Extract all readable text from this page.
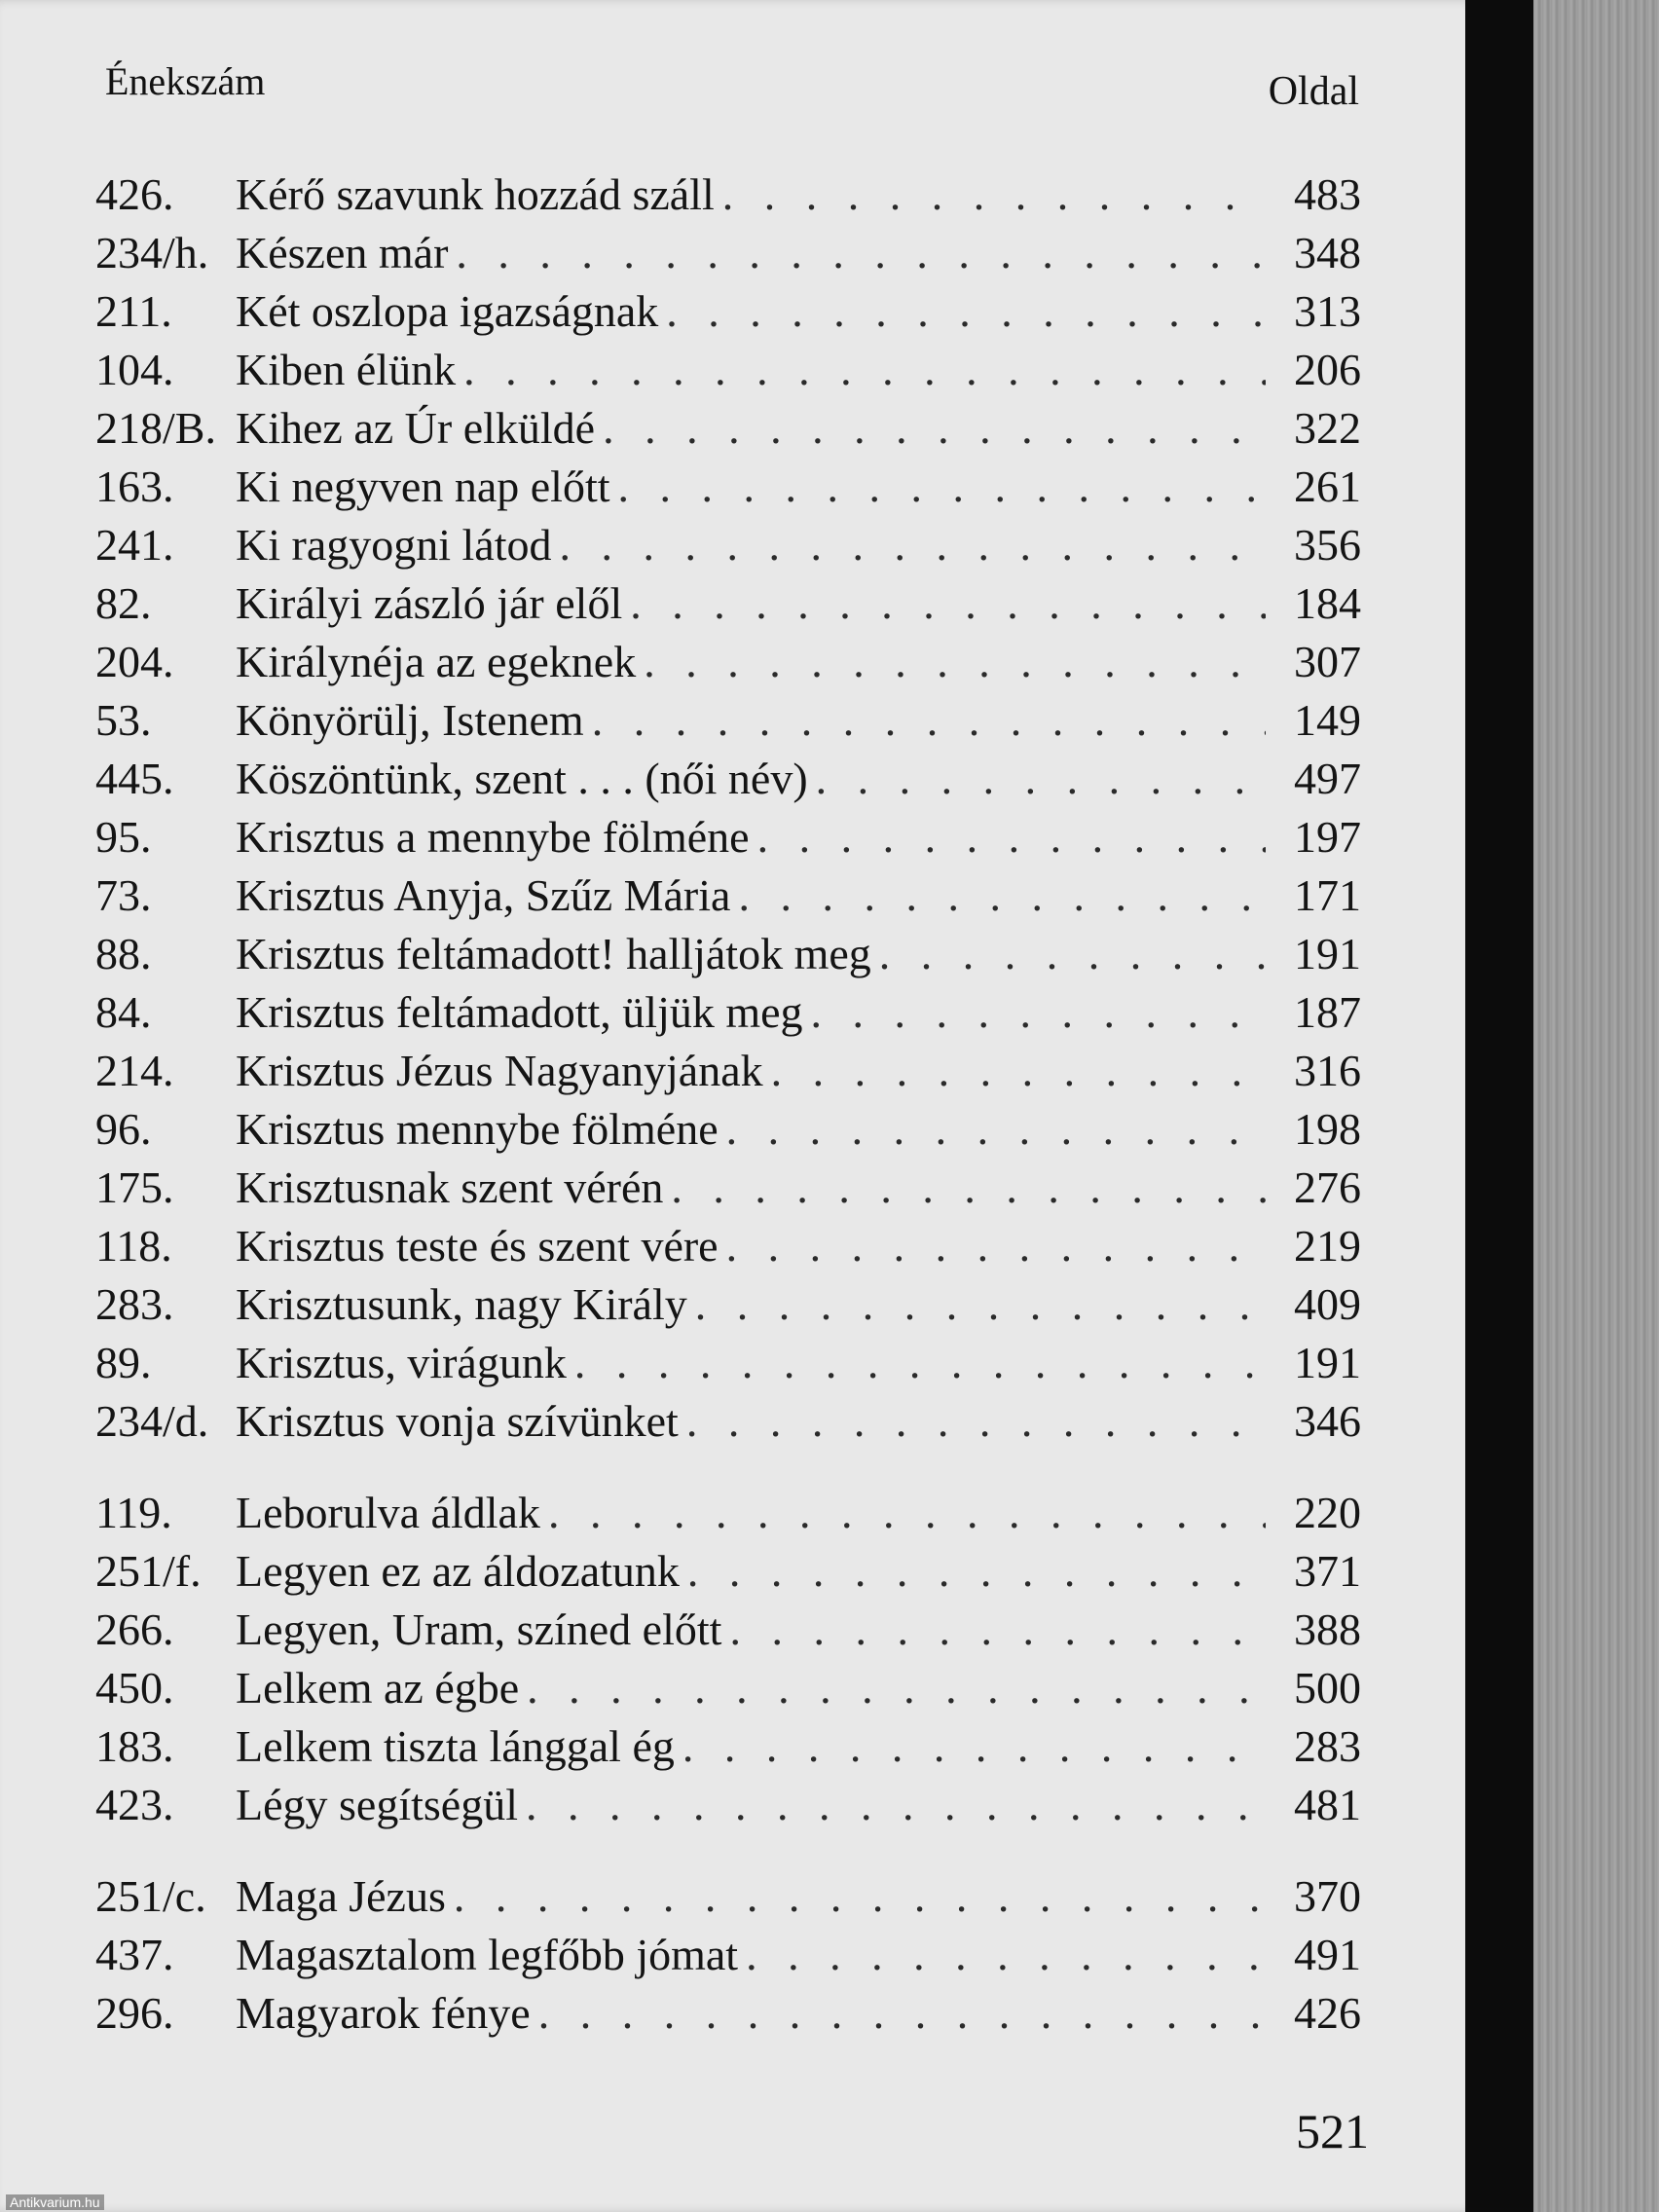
Énekszám	Oldal
426.	Kérő szavunk hozzád száll . . .	483
234/h. Készen már . . .	348
211.	Két oszlopa igazságnak . . .	313
104.	Kiben élünk . . .	206
218/B. Kihez az Úr elküldé . . .	322
163.	Ki negyven nap előtt . . .	261
241.	Ki ragyogni látod . . .	356
82.	Királyi zászló jár elől . . .	184
204.	Királynéja az egeknek . . .	307
53.	Könyörülj, Istenem . . .	149
445.	Köszöntünk, szent . . . (női név) . . .	497
95.	Krisztus a mennybe fölméne . . .	197
73.	Krisztus Anyja, Szűz Mária . . .	171
88.	Krisztus feltámadott! halljátok meg . . .	191
84.	Krisztus feltámadott, üljük meg . . .	187
214.	Krisztus Jézus Nagyanyjának . . .	316
96.	Krisztus mennybe fölméne . . .	198
175.	Krisztusnak szent vérén . . .	276
118.	Krisztus teste és szent vére . . .	219
283.	Krisztusunk, nagy Király . . .	409
89.	Krisztus, virágunk . . .	191
234/d. Krisztus vonja szívünket . . .	346
119.	Leborulva áldlak . . .	220
251/f. Legyen ez az áldozatunk . . .	371
266.	Legyen, Uram, színed előtt . . .	388
450.	Lelkem az égbe . . .	500
183.	Lelkem tiszta lánggal ég . . .	283
423.	Légy segítségül . . .	481
251/c. Maga Jézus . . .	370
437.	Magasztalom legfőbb jómat . . .	491
296.	Magyarok fénye . . .	426
521
Antikvarium.hu
